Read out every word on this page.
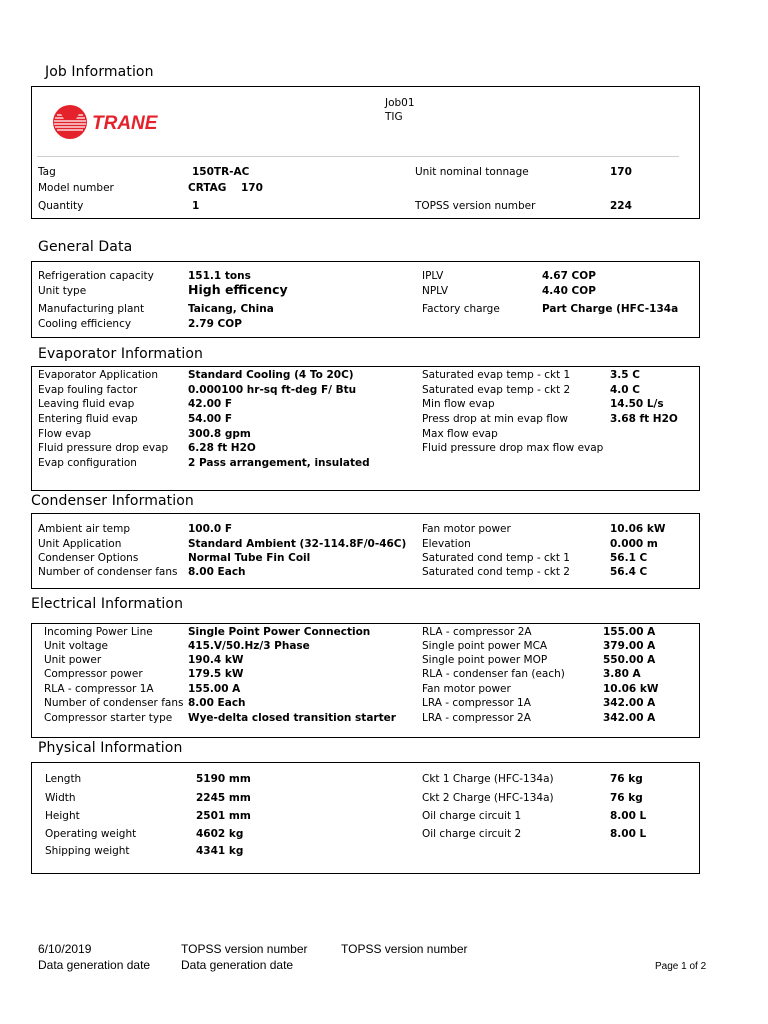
Job Information
TRANE
Job01
TIG
Tag	150TR-AC
Model number	CRTAG 170
Quantity	1
Unit nominal tonnage	170
TOPSS version number	224
General Data
Refrigeration capacity	151.1 tons
Unit type	High efficency
Manufacturing plant	Taicang, China
Cooling efficiency	2.79 COP
IPLV	4.67 COP
NPLV	4.40 COP
Factory charge	Part Charge (HFC-134a
Evaporator Information
Evaporator Application	Standard Cooling (4 To 20C)
Evap fouling factor	0.000100 hr-sq ft-deg F/ Btu
Leaving fluid evap	42.00 F
Entering fluid evap	54.00 F
Flow evap	300.8 gpm
Fluid pressure drop evap 6.28 ft H2O
Evap configuration	2 Pass arrangement, insulated
Saturated evap temp - ckt 1	3.5 C
Saturated evap temp - ckt 2	4.0 C
Min flow evap	14.50 L/s
Press drop at min evap flow	3.68 ft H2O
Max flow evap
Fluid pressure drop max flow evap
Condenser Information
Ambient air temp	100.0 F
Unit Application	Standard Ambient (32-114.8F/0-46C)
Condenser Options	Normal Tube Fin Coil
Number of condenser fans 8.00 Each
Fan motor power	10.06 kW
Elevation	0.000 m
Saturated cond temp - ckt 1	56.1 C
Saturated cond temp - ckt 2	56.4 C
Electrical Information
Incoming Power Line	Single Point Power Connection
Unit voltage	415.V/50.Hz/3 Phase
Unit power	190.4 kW
Compressor power	179.5 kW
RLA - compressor 1A	155.00 A
Number of condenser fans 8.00 Each
Compressor starter type Wye-delta closed transition starter
RLA - compressor 2A	155.00 A
Single point power MCA	379.00 A
Single point power MOP	550.00 A
RLA - condenser fan (each)	3.80 A
Fan motor power	10.06 kW
LRA - compressor 1A	342.00 A
LRA - compressor 2A	342.00 A
Physical Information
Length	5190 mm
Width	2245 mm
Height	2501 mm
Operating weight	4602 kg
Shipping weight	4341 kg
Ckt 1 Charge (HFC-134a)	76 kg
Ckt 2 Charge (HFC-134a)	76 kg
Oil charge circuit 1	8.00 L
Oil charge circuit 2	8.00 L
6/10/2019
Data generation date
TOPSS version number
Data generation date
TOPSS version number
Page 1 of 2
